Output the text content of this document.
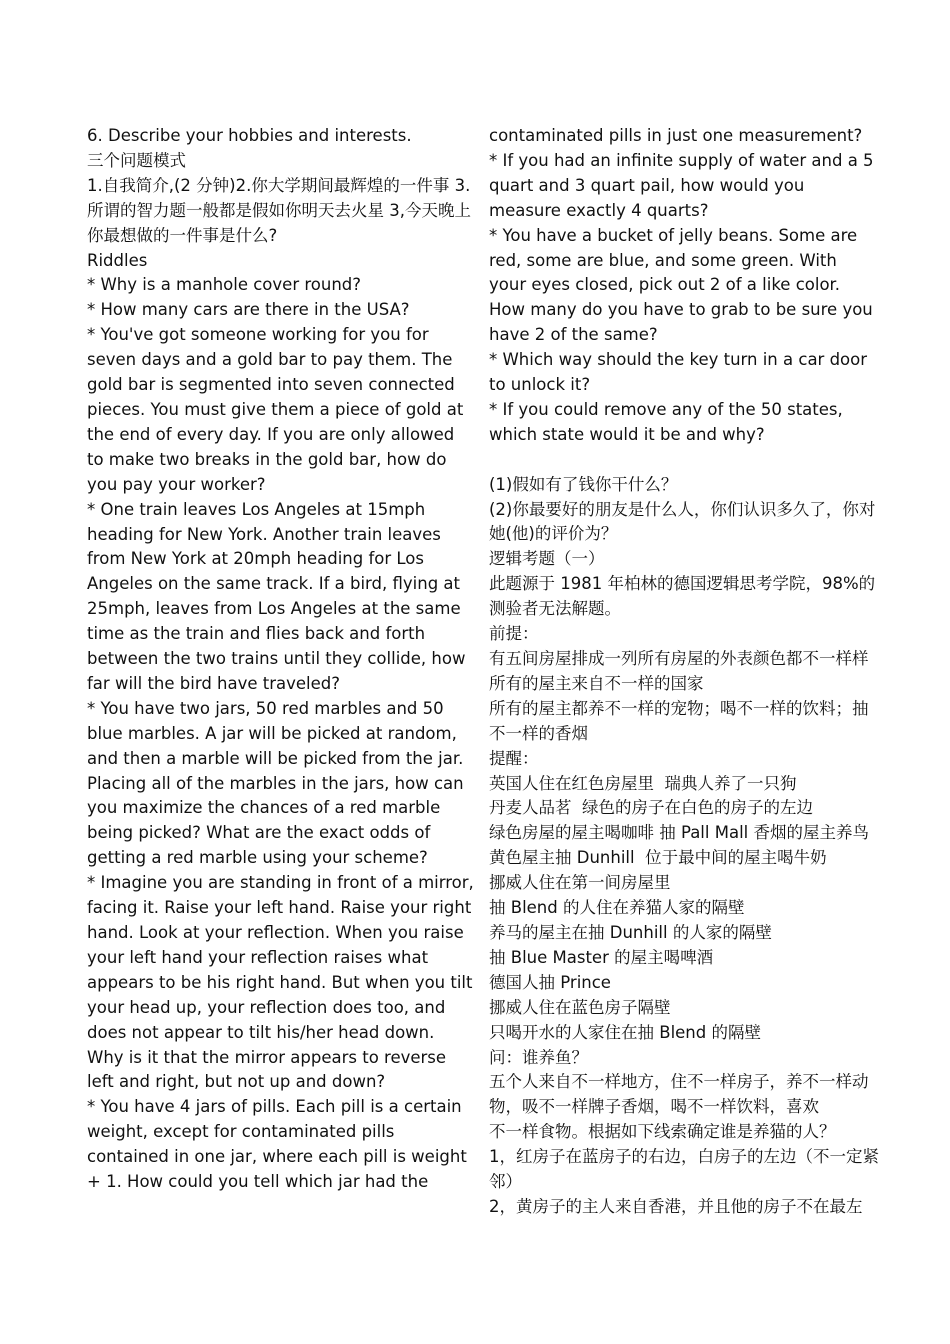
6. Describe your hobbies and interests.

三个问题模式

1.自我简介,(2 分钟)2.你大学期间最辉煌的一件事 3.所谓的智力题一般都是假如你明天去火星 3,今天晚上你最想做的一件事是什么?

Riddles

* Why is a manhole cover round?

* How many cars are there in the USA?

* You've got someone working for you for seven days and a gold bar to pay them. The gold bar is segmented into seven connected pieces. You must give them a piece of gold at the end of every day. If you are only allowed to make two breaks in the gold bar, how do you pay your worker?

* One train leaves Los Angeles at 15mph heading for New York. Another train leaves from New York at 20mph heading for Los Angeles on the same track. If a bird, flying at 25mph, leaves from Los Angeles at the same time as the train and flies back and forth between the two trains until they collide, how far will the bird have traveled?

* You have two jars, 50 red marbles and 50 blue marbles. A jar will be picked at random, and then a marble will be picked from the jar. Placing all of the marbles in the jars, how can you maximize the chances of a red marble being picked? What are the exact odds of getting a red marble using your scheme?

* Imagine you are standing in front of a mirror, facing it. Raise your left hand. Raise your right hand. Look at your reflection. When you raise your left hand your reflection raises what appears to be his right hand. But when you tilt your head up, your reflection does too, and does not appear to tilt his/her head down. Why is it that the mirror appears to reverse left and right, but not up and down?

* You have 4 jars of pills. Each pill is a certain weight, except for contaminated pills contained in one jar, where each pill is weight + 1. How could you tell which jar had the

contaminated pills in just one measurement?

* If you had an infinite supply of water and a 5 quart and 3 quart pail, how would you measure exactly 4 quarts?

* You have a bucket of jelly beans. Some are red, some are blue, and some green. With your eyes closed, pick out 2 of a like color. How many do you have to grab to be sure you have 2 of the same?

* Which way should the key turn in a car door to unlock it?

* If you could remove any of the 50 states, which state would it be and why?

(1)假如有了钱你干什么？

(2)你最要好的朋友是什么人，你们认识多久了，你对她(他)的评价为？

逻辑考题（一）

此题源于 1981 年柏林的德国逻辑思考学院，98%的测验者无法解题。

前提：

有五间房屋排成一列所有房屋的外表颜色都不一样样

所有的屋主来自不一样的国家

所有的屋主都养不一样的宠物；喝不一样的饮料；抽不一样的香烟

提醒：

英国人住在红色房屋里  瑞典人养了一只狗

丹麦人品茗  绿色的房子在白色的房子的左边

绿色房屋的屋主喝咖啡 抽 Pall Mall 香烟的屋主养鸟

黄色屋主抽 Dunhill  位于最中间的屋主喝牛奶

挪威人住在第一间房屋里

抽 Blend 的人住在养猫人家的隔壁

养马的屋主在抽 Dunhill 的人家的隔壁

抽 Blue Master 的屋主喝啤酒

德国人抽 Prince

挪威人住在蓝色房子隔壁

只喝开水的人家住在抽 Blend 的隔壁

问：谁养鱼？

五个人来自不一样地方，住不一样房子，养不一样动物，吸不一样牌子香烟，喝不一样饮料，喜欢

不一样食物。根据如下线索确定谁是养猫的人？

1，红房子在蓝房子的右边，白房子的左边（不一定紧邻）

2，黄房子的主人来自香港，并且他的房子不在最左
